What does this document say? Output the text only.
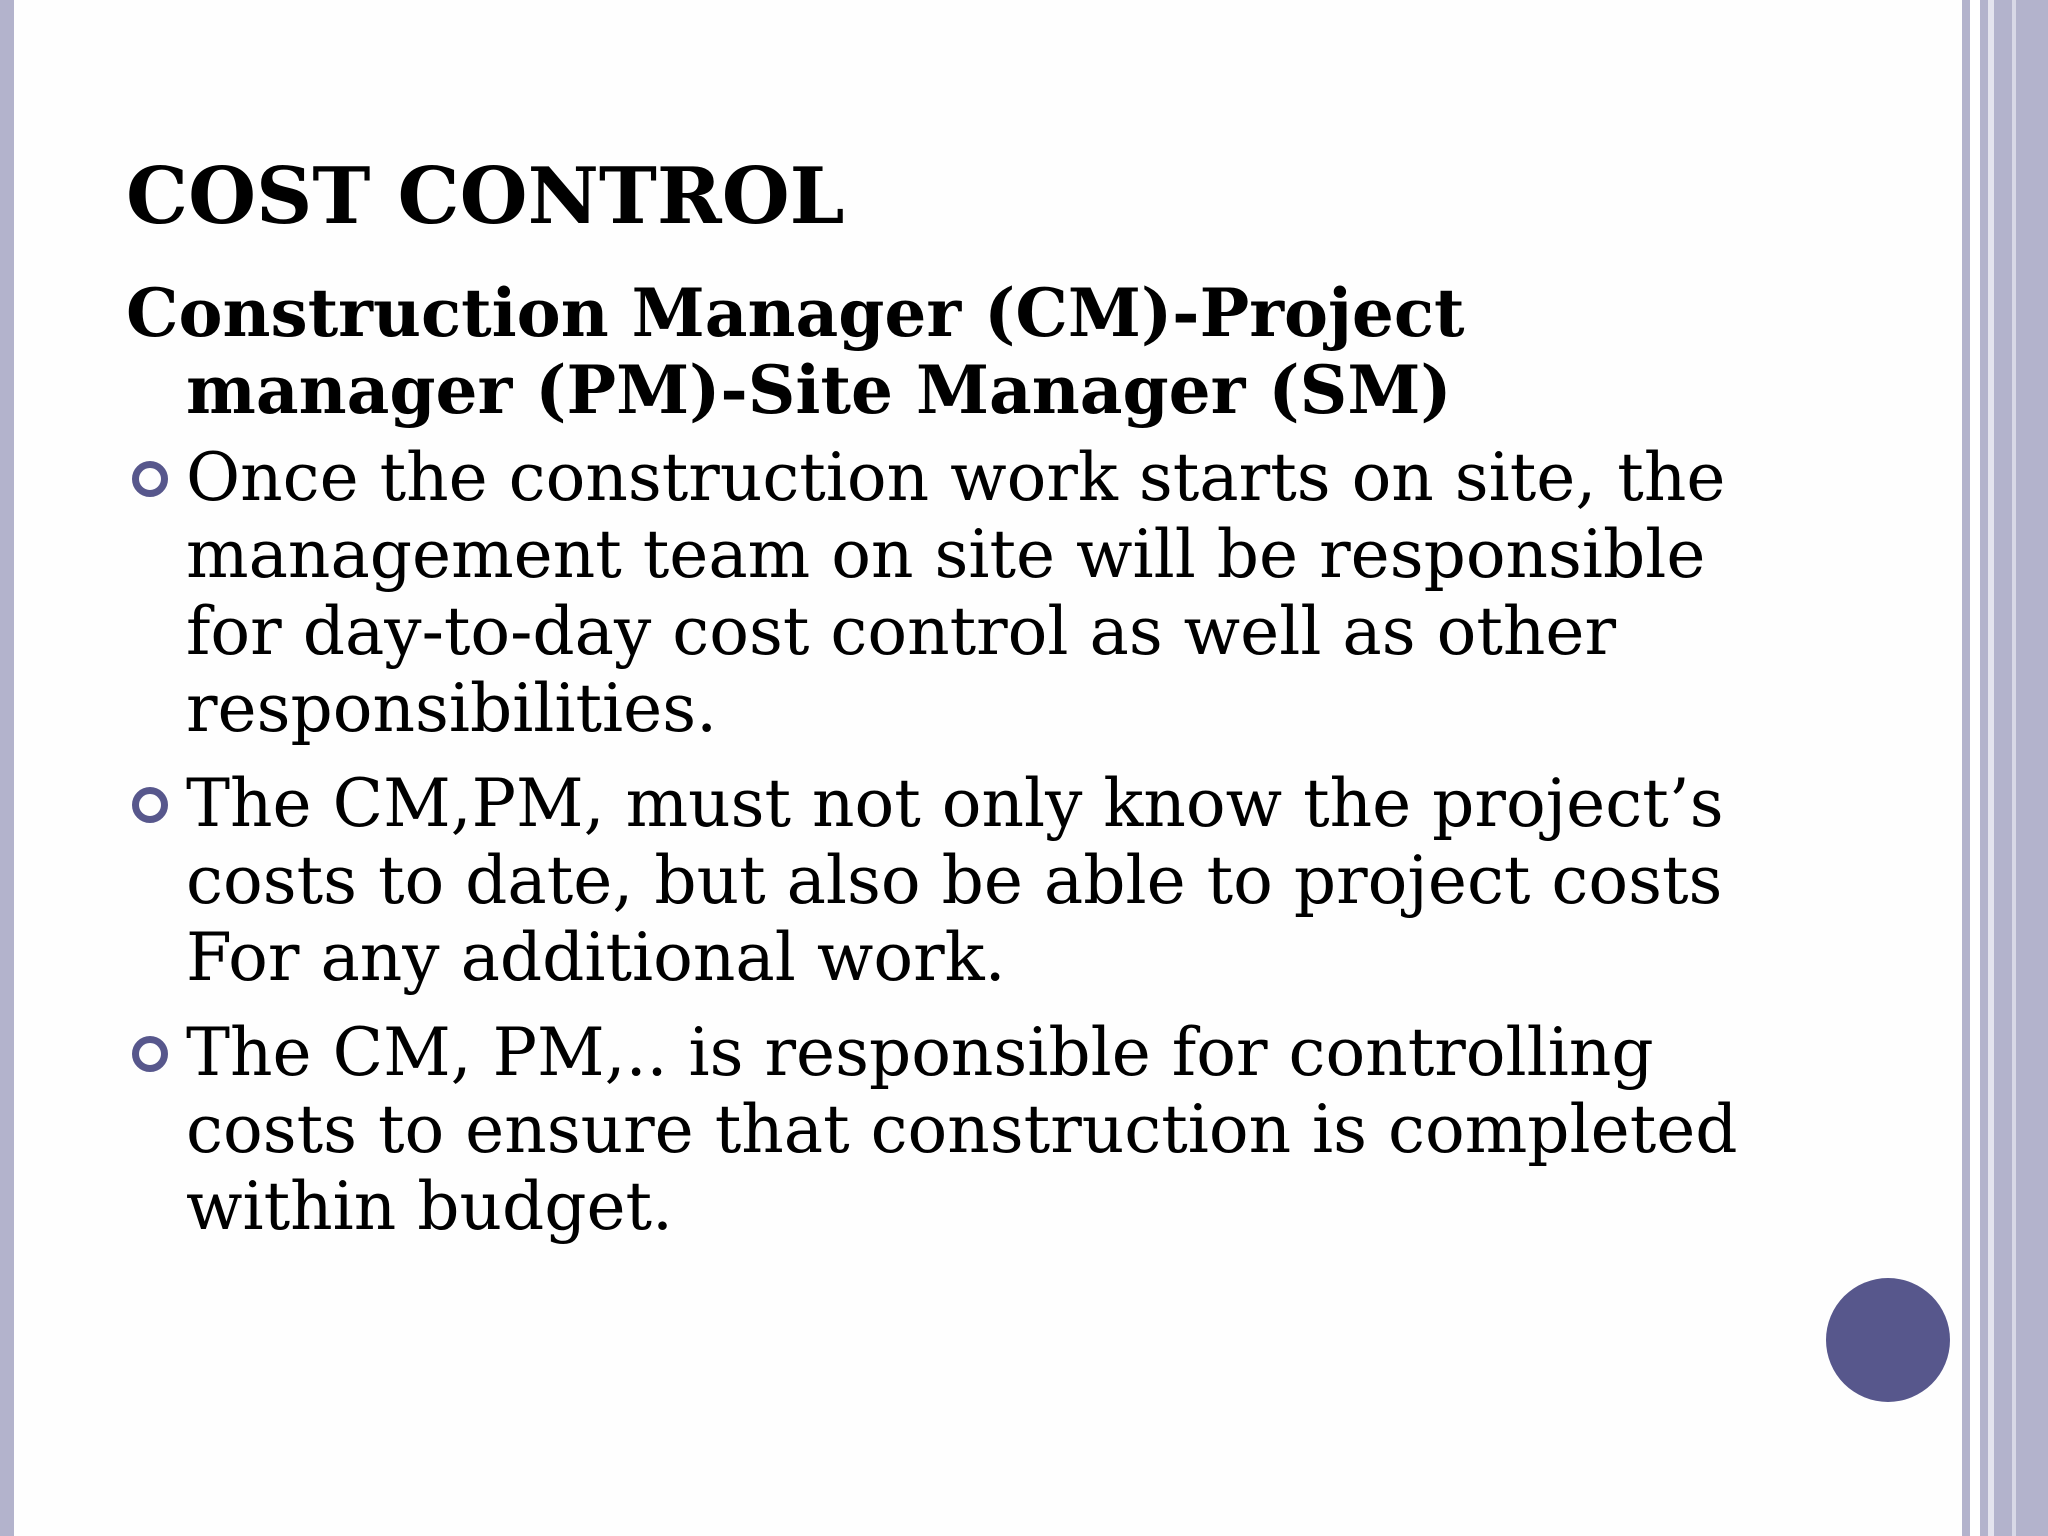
COST CONTROL

Construction Manager (CM)-Project manager (PM)-Site Manager (SM)

Once the construction work starts on site, the management team on site will be responsible for day-to-day cost control as well as other responsibilities.
The CM,PM, must not only know the project’s costs to date, but also be able to project costs For any additional work.
The CM, PM,.. is responsible for controlling costs to ensure that construction is completed within budget.
